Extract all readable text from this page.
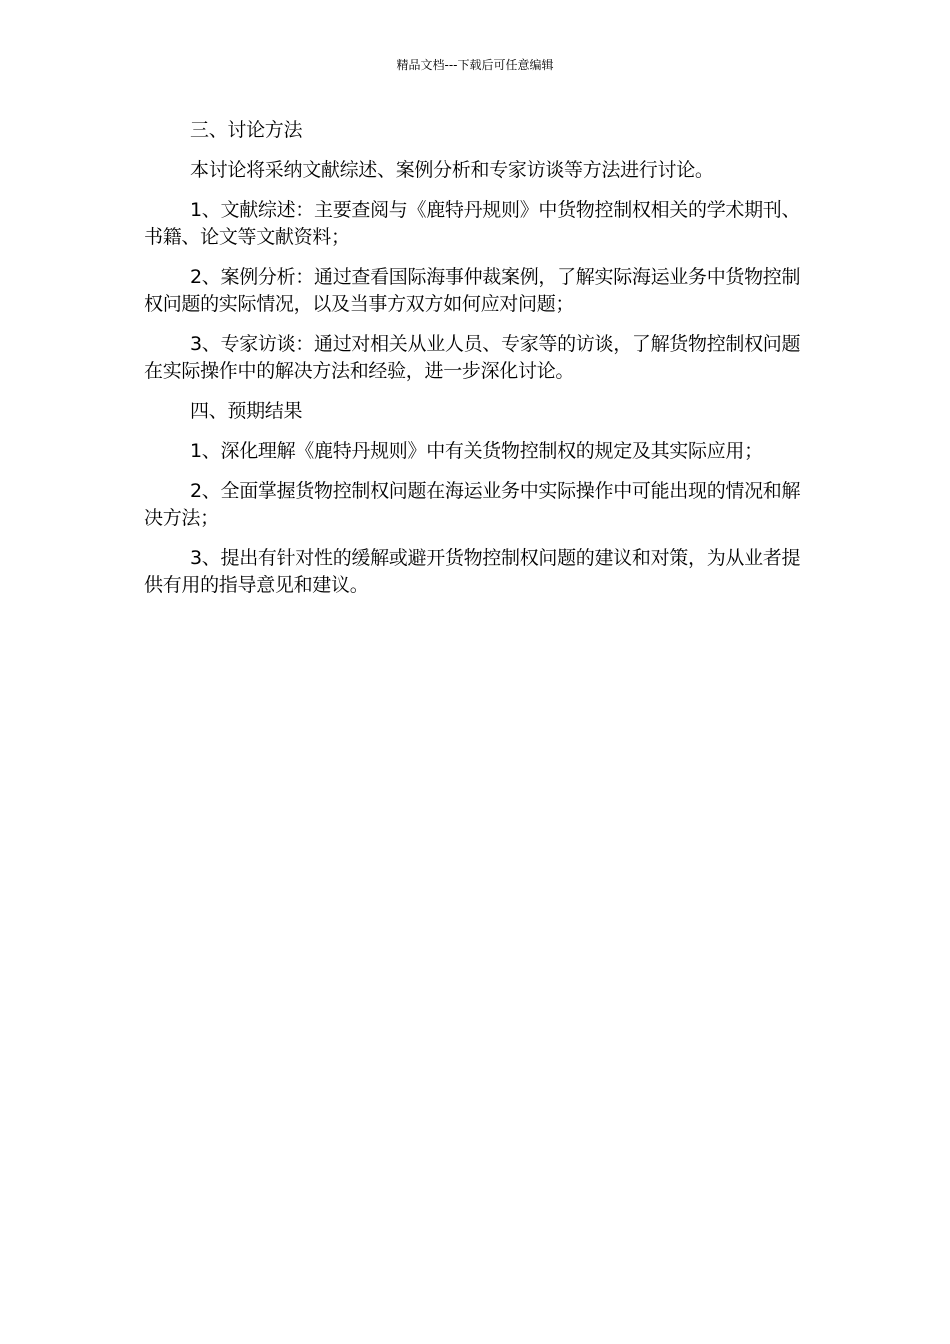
精品文档---下载后可任意编辑

三、讨论方法

本讨论将采纳文献综述、案例分析和专家访谈等方法进行讨论。

1、文献综述：主要查阅与《鹿特丹规则》中货物控制权相关的学术期刊、书籍、论文等文献资料；

2、案例分析：通过查看国际海事仲裁案例，了解实际海运业务中货物控制权问题的实际情况，以及当事方双方如何应对问题；

3、专家访谈：通过对相关从业人员、专家等的访谈，了解货物控制权问题在实际操作中的解决方法和经验，进一步深化讨论。

四、预期结果

1、深化理解《鹿特丹规则》中有关货物控制权的规定及其实际应用；

2、全面掌握货物控制权问题在海运业务中实际操作中可能出现的情况和解决方法；

3、提出有针对性的缓解或避开货物控制权问题的建议和对策，为从业者提供有用的指导意见和建议。
